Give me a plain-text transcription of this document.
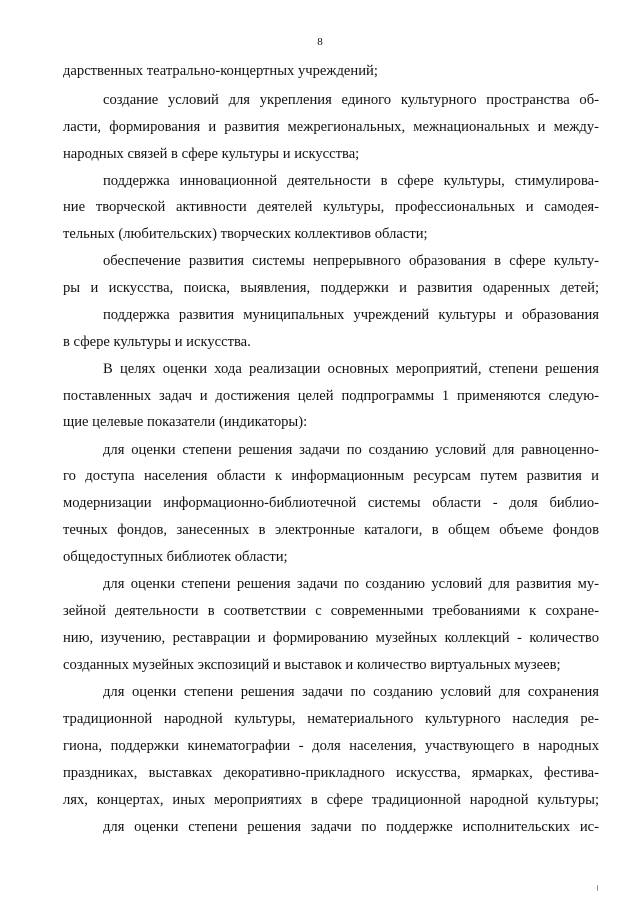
8
дарственных театрально-концертных учреждений;
создание условий для укрепления единого культурного пространства об-
ласти, формирования и развития межрегиональных, межнациональных и между-
народных связей в сфере культуры и искусства;
поддержка инновационной деятельности в сфере культуры, стимулирова-
ние творческой активности деятелей культуры, профессиональных и самодея-
тельных (любительских) творческих коллективов области;
обеспечение развития системы непрерывного образования в сфере культу-
ры и искусства, поиска, выявления, поддержки и развития одаренных детей;
поддержка развития муниципальных учреждений культуры и образования
в сфере культуры и искусства.
В целях оценки хода реализации основных мероприятий, степени решения
поставленных задач и достижения целей подпрограммы 1 применяются следую-
щие целевые показатели (индикаторы):
для оценки степени решения задачи по созданию условий для равноценно-
го доступа населения области к информационным ресурсам путем развития и
модернизации информационно-библиотечной системы области - доля библио-
течных фондов, занесенных в электронные каталоги, в общем объеме фондов
общедоступных библиотек области;
для оценки степени решения задачи по созданию условий для развития му-
зейной деятельности в соответствии с современными требованиями к сохране-
нию, изучению, реставрации и формированию музейных коллекций - количество
созданных музейных экспозиций и выставок и количество виртуальных музеев;
для оценки степени решения задачи по созданию условий для сохранения
традиционной народной культуры, нематериального культурного наследия ре-
гиона, поддержки кинематографии - доля населения, участвующего в народных
праздниках, выставках декоративно-прикладного искусства, ярмарках, фестива-
лях, концертах, иных мероприятиях в сфере традиционной народной культуры;
для оценки степени решения задачи по поддержке исполнительских ис-
